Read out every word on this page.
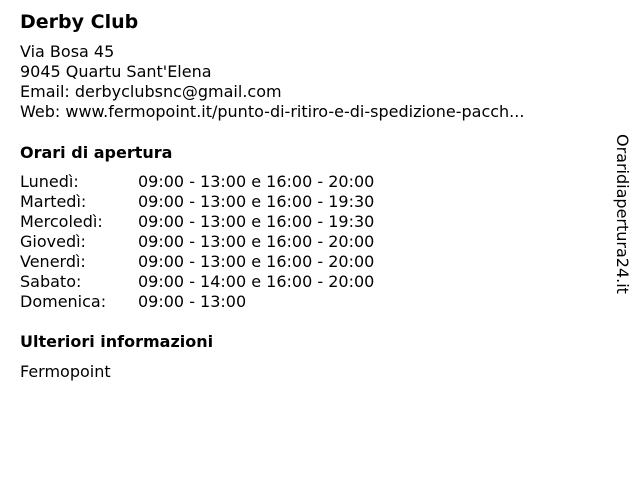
Derby Club
Via Bosa 45
9045 Quartu Sant'Elena
Email: derbyclubsnc@gmail.com
Web: www.fermopoint.it/punto-di-ritiro-e-di-spedizione-pacch...
Orari di apertura
Lunedì:	09:00 - 13:00 e 16:00 - 20:00
Martedì:	09:00 - 13:00 e 16:00 - 19:30
Mercoledì:	09:00 - 13:00 e 16:00 - 19:30
Giovedì:	09:00 - 13:00 e 16:00 - 20:00
Venerdì:	09:00 - 13:00 e 16:00 - 20:00
Sabato:	09:00 - 14:00 e 16:00 - 20:00
Domenica:	09:00 - 13:00
Ulteriori informazioni
Fermopoint
Oraridiapertura24.it
